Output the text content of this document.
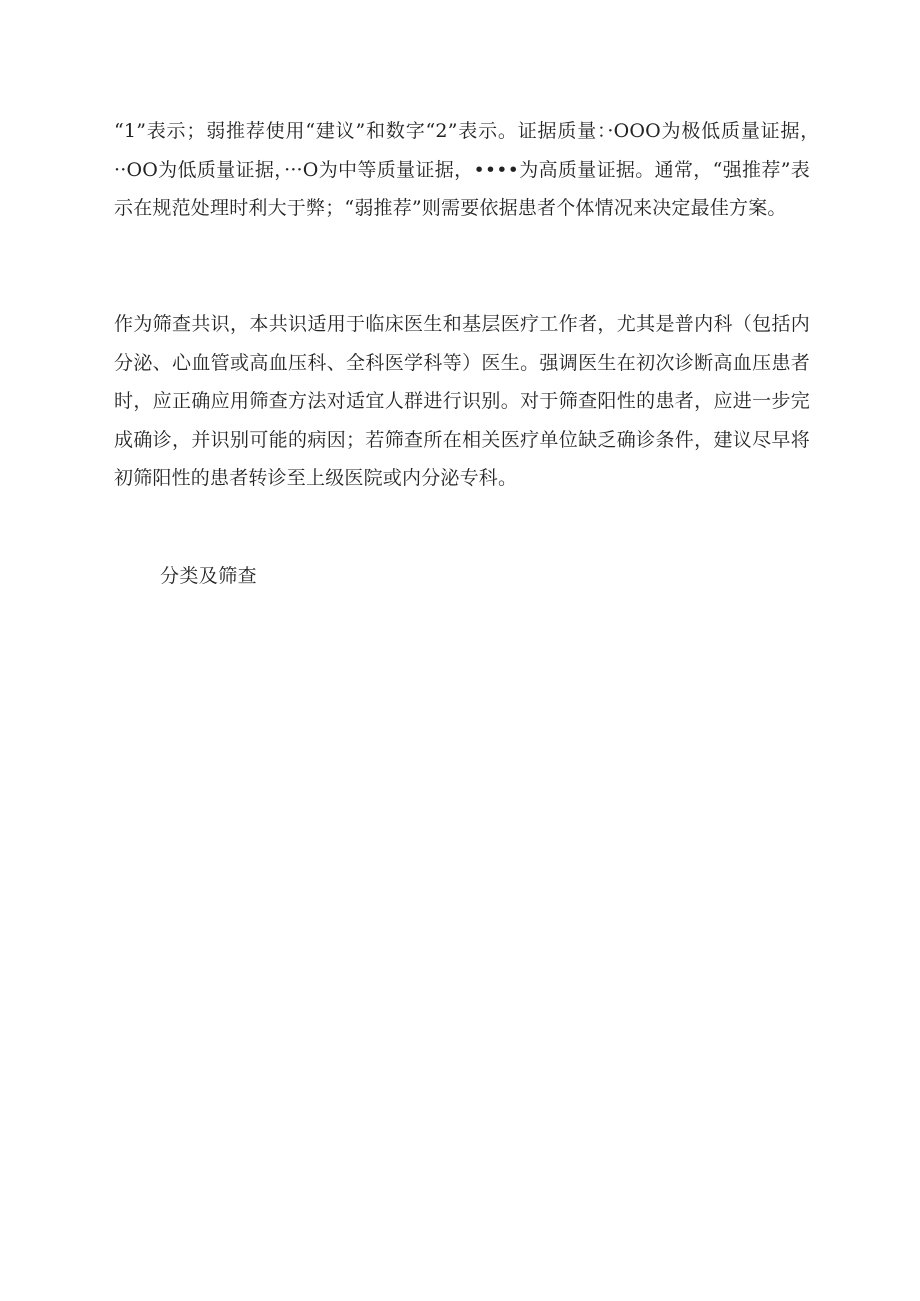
“1”表示；弱推荐使用“建议”和数字“2”表示。证据质量：·OOO为极低质量证据，··OO为低质量证据，···O为中等质量证据，••••为高质量证据。通常，“强推荐”表示在规范处理时利大于弊；“弱推荐”则需要依据患者个体情况来决定最佳方案。

作为筛查共识，本共识适用于临床医生和基层医疗工作者，尤其是普内科（包括内分泌、心血管或高血压科、全科医学科等）医生。强调医生在初次诊断高血压患者时，应正确应用筛查方法对适宜人群进行识别。对于筛查阳性的患者，应进一步完成确诊，并识别可能的病因；若筛查所在相关医疗单位缺乏确诊条件，建议尽早将初筛阳性的患者转诊至上级医院或内分泌专科。

分类及筛查
